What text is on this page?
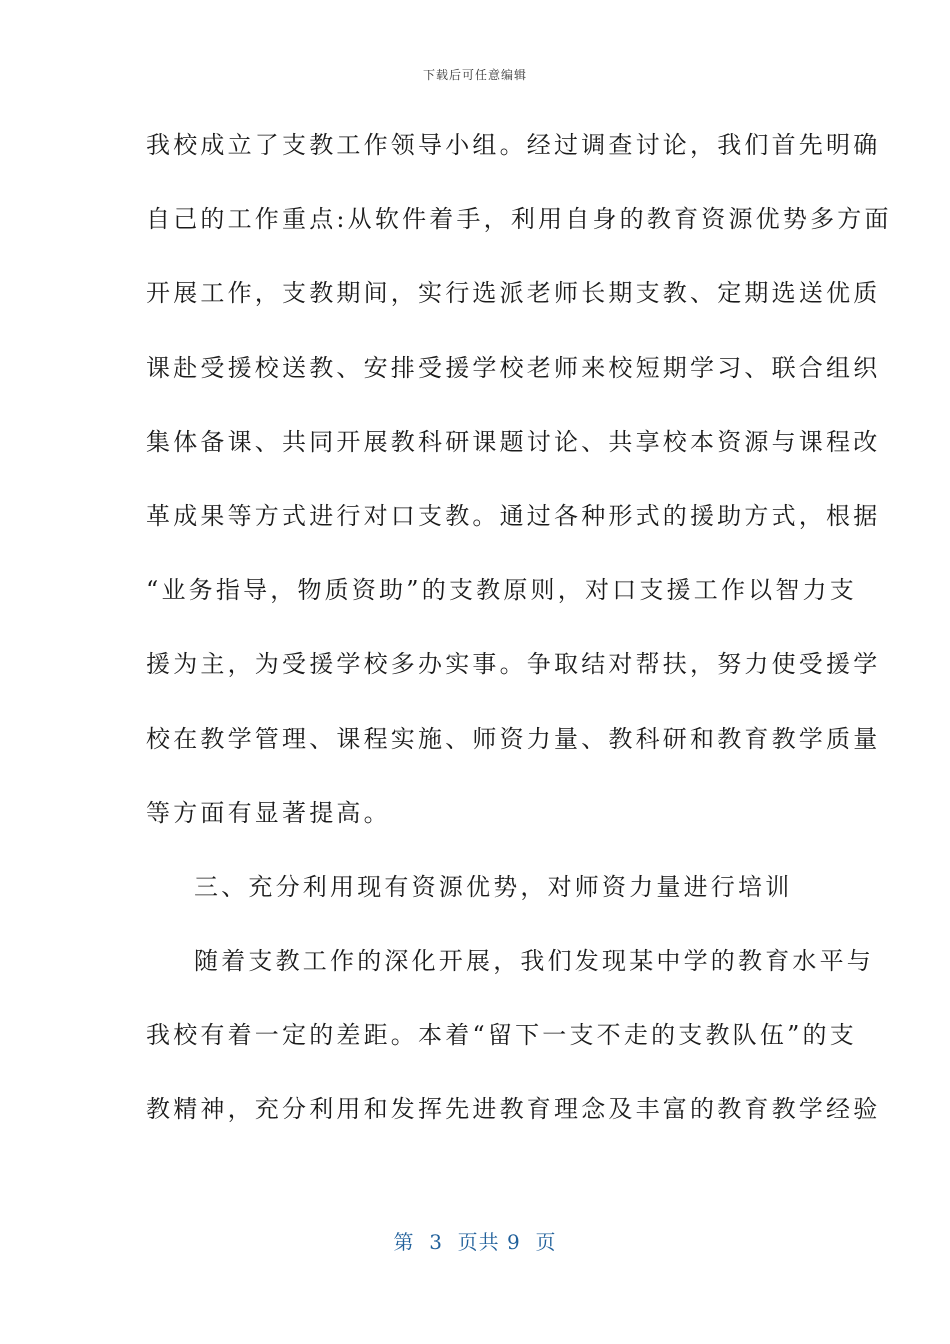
下载后可任意编辑
我校成立了支教工作领导小组。经过调查讨论，我们首先明确
自己的工作重点:从软件着手，利用自身的教育资源优势多方面
开展工作，支教期间，实行选派老师长期支教、定期选送优质
课赴受援校送教、安排受援学校老师来校短期学习、联合组织
集体备课、共同开展教科研课题讨论、共享校本资源与课程改
革成果等方式进行对口支教。通过各种形式的援助方式，根据
“业务指导，物质资助”的支教原则，对口支援工作以智力支
援为主，为受援学校多办实事。争取结对帮扶，努力使受援学
校在教学管理、课程实施、师资力量、教科研和教育教学质量
等方面有显著提高。
三、充分利用现有资源优势，对师资力量进行培训
随着支教工作的深化开展，我们发现某中学的教育水平与
我校有着一定的差距。本着“留下一支不走的支教队伍”的支
教精神，充分利用和发挥先进教育理念及丰富的教育教学经验
第  3  页共 9  页
